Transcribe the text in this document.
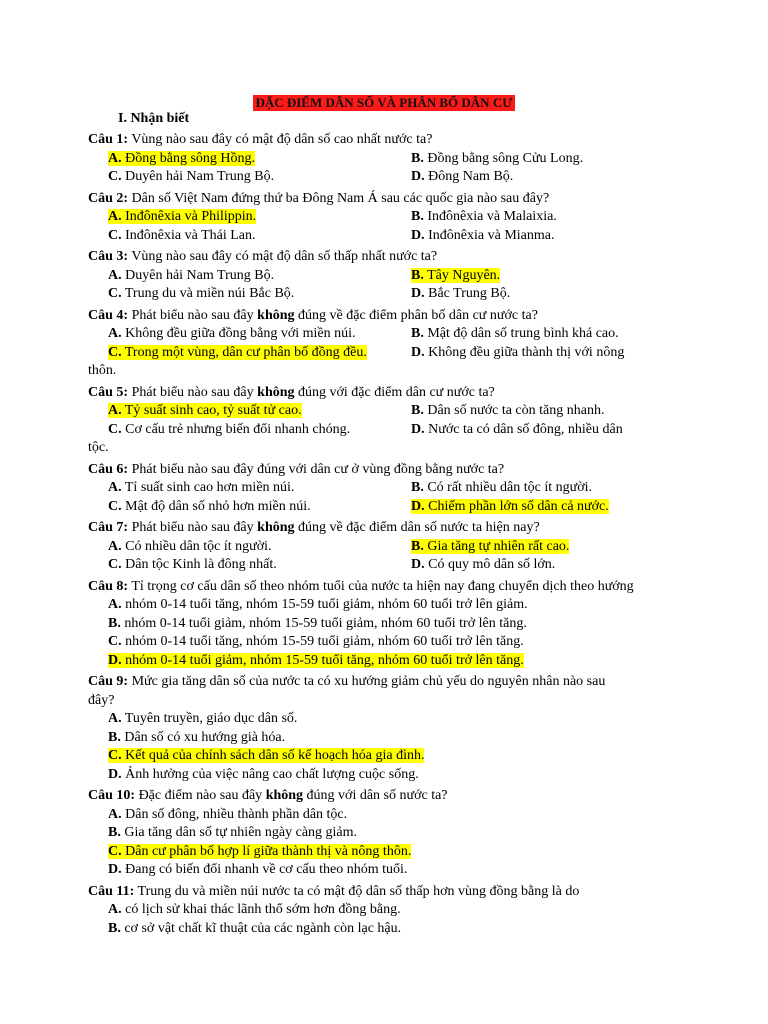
ĐẶC ĐIỂM DÂN SỐ VÀ PHÂN BỐ DÂN CƯ
I. Nhận biết
Câu 1: Vùng nào sau đây có mật độ dân số cao nhất nước ta?
A. Đồng bằng sông Hồng.	B. Đồng bằng sông Cửu Long.
C. Duyên hải Nam Trung Bộ.	D. Đông Nam Bộ.
Câu 2: Dân số Việt Nam đứng thứ ba Đông Nam Á sau các quốc gia nào sau đây?
A. Inđônêxia và Philippin.	B. Inđônêxia và Malaixia.
C. Inđônêxia và Thái Lan.	D. Inđônêxia và Mianma.
Câu 3: Vùng nào sau đây có mật độ dân số thấp nhất nước ta?
A. Duyên hải Nam Trung Bộ.	B. Tây Nguyên.
C. Trung du và miền núi Bắc Bộ.	D. Bắc Trung Bộ.
Câu 4: Phát biểu nào sau đây không đúng về đặc điểm phân bố dân cư nước ta?
A. Không đều giữa đồng bằng với miền núi.	B. Mật độ dân số trung bình khá cao.
C. Trong một vùng, dân cư phân bố đồng đều.	D. Không đều giữa thành thị với nông
thôn.
Câu 5: Phát biểu nào sau đây không đúng với đặc điểm dân cư nước ta?
A. Tỷ suất sinh cao, tỷ suất tử cao.	B. Dân số nước ta còn tăng nhanh.
C. Cơ cấu trẻ nhưng biến đổi nhanh chóng.	D. Nước ta có dân số đông, nhiều dân
tộc.
Câu 6: Phát biểu nào sau đây đúng với dân cư ở vùng đồng bằng nước ta?
A. Tỉ suất sinh cao hơn miền núi.	B. Có rất nhiều dân tộc ít người.
C. Mật độ dân số nhỏ hơn miền núi.	D. Chiếm phần lớn số dân cả nước.
Câu 7: Phát biểu nào sau đây không đúng về đặc điểm dân số nước ta hiện nay?
A. Có nhiều dân tộc ít người.	B. Gia tăng tự nhiên rất cao.
C. Dân tộc Kinh là đông nhất.	D. Có quy mô dân số lớn.
Câu 8: Tỉ trọng cơ cấu dân số theo nhóm tuổi của nước ta hiện nay đang chuyển dịch theo hướng
A. nhóm 0-14 tuổi tăng, nhóm 15-59 tuổi giảm, nhóm 60 tuổi trở lên giảm.
B. nhóm 0-14 tuổi giảm, nhóm 15-59 tuổi giảm, nhóm 60 tuổi trở lên tăng.
C. nhóm 0-14 tuổi tăng, nhóm 15-59 tuổi giảm, nhóm 60 tuổi trở lên tăng.
D. nhóm 0-14 tuổi giảm, nhóm 15-59 tuổi tăng, nhóm 60 tuổi trở lên tăng.
Câu 9: Mức gia tăng dân số của nước ta có xu hướng giảm chủ yếu do nguyên nhân nào sau
đây?
A. Tuyên truyền, giáo dục dân số.
B. Dân số có xu hướng già hóa.
C. Kết quả của chính sách dân số kế hoạch hóa gia đình.
D. Ảnh hưởng của việc nâng cao chất lượng cuộc sống.
Câu 10: Đặc điểm nào sau đây không đúng với dân số nước ta?
A. Dân số đông, nhiều thành phần dân tộc.
B. Gia tăng dân số tự nhiên ngày càng giảm.
C. Dân cư phân bố hợp lí giữa thành thị và nông thôn.
D. Đang có biến đổi nhanh về cơ cấu theo nhóm tuổi.
Câu 11: Trung du và miền núi nước ta có mật độ dân số thấp hơn vùng đồng bằng là do
A. có lịch sử khai thác lãnh thổ sớm hơn đồng bằng.
B. cơ sở vật chất kĩ thuật của các ngành còn lạc hậu.
